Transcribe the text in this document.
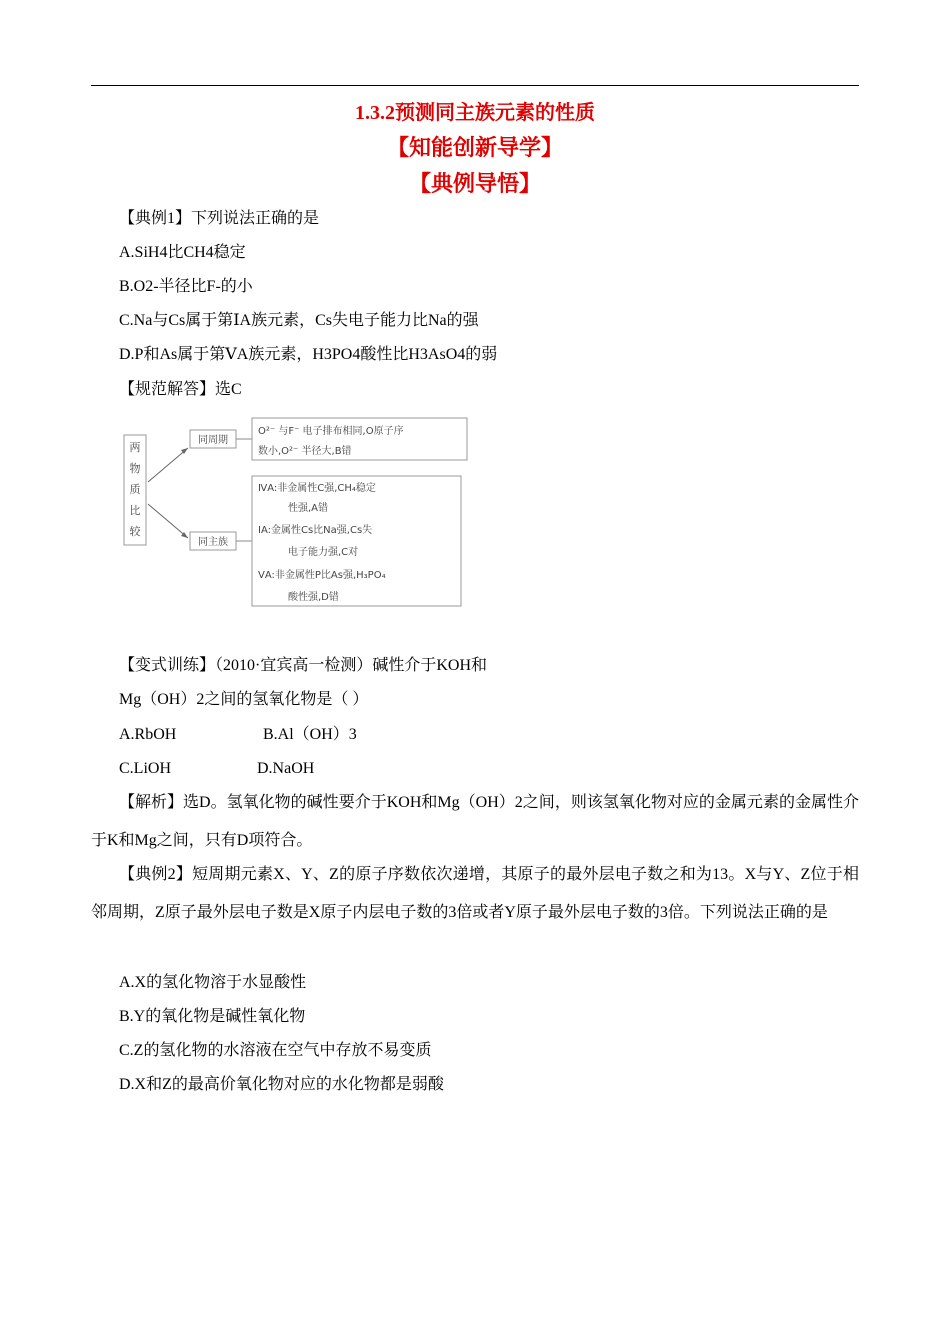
1.3.2预测同主族元素的性质
【知能创新导学】
【典例导悟】
【典例1】下列说法正确的是
A.SiH4比CH4稳定
B.O2-半径比F-的小
C.Na与Cs属于第ⅠA族元素，Cs失电子能力比Na的强
D.P和As属于第ⅤA族元素，H3PO4酸性比H3AsO4的弱
【规范解答】选C
两
物
质
比
较
同周期
同主族
O²⁻ 与F⁻ 电子排布相同,O原子序
数小,O²⁻ 半径大,B错
ⅣA:非金属性C强,CH₄稳定
性强,A错
ⅠA:金属性Cs比Na强,Cs失
电子能力强,C对
ⅤA:非金属性P比As强,H₃PO₄
酸性强,D错
【变式训练】（2010·宜宾高一检测）碱性介于KOH和
Mg（OH）2之间的氢氧化物是（ ）
A.RbOH	B.Al（OH）3
C.LiOH	D.NaOH
【解析】选D。氢氧化物的碱性要介于KOH和Mg（OH）2之间，则该氢氧化物对应的金属元素的金属性介于K和Mg之间，只有D项符合。
【典例2】短周期元素X、Y、Z的原子序数依次递增，其原子的最外层电子数之和为13。X与Y、Z位于相邻周期，Z原子最外层电子数是X原子内层电子数的3倍或者Y原子最外层电子数的3倍。下列说法正确的是
A.X的氢化物溶于水显酸性
B.Y的氧化物是碱性氧化物
C.Z的氢化物的水溶液在空气中存放不易变质
D.X和Z的最高价氧化物对应的水化物都是弱酸
